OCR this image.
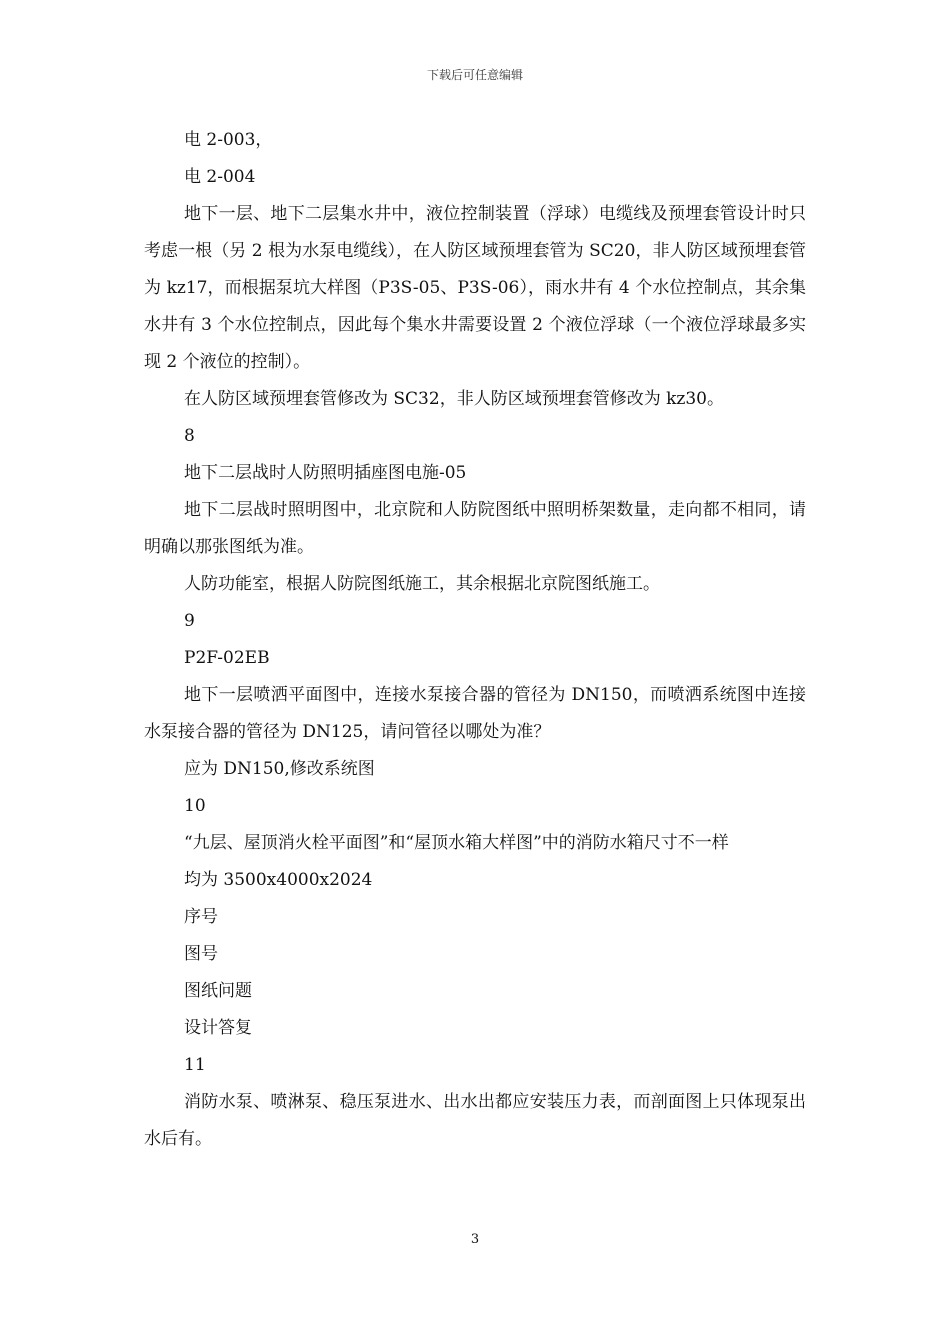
下载后可任意编辑

电 2-003，

电 2-004

地下一层、地下二层集水井中，液位控制装置（浮球）电缆线及预埋套管设计时只考虑一根（另 2 根为水泵电缆线），在人防区域预埋套管为 SC20，非人防区域预埋套管为 kz17，而根据泵坑大样图（P3S-05、P3S-06），雨水井有 4 个水位控制点，其余集水井有 3 个水位控制点，因此每个集水井需要设置 2 个液位浮球（一个液位浮球最多实现 2 个液位的控制）。

在人防区域预埋套管修改为 SC32，非人防区域预埋套管修改为 kz30。

8

地下二层战时人防照明插座图电施-05

地下二层战时照明图中，北京院和人防院图纸中照明桥架数量，走向都不相同，请明确以那张图纸为准。

人防功能室，根据人防院图纸施工，其余根据北京院图纸施工。

9

P2F-02EB

地下一层喷洒平面图中，连接水泵接合器的管径为 DN150，而喷洒系统图中连接水泵接合器的管径为 DN125，请问管径以哪处为准？

应为 DN150,修改系统图

10

“九层、屋顶消火栓平面图”和“屋顶水箱大样图”中的消防水箱尺寸不一样

均为 3500x4000x2024

序号

图号

图纸问题

设计答复

11

消防水泵、喷淋泵、稳压泵进水、出水出都应安装压力表，而剖面图上只体现泵出水后有。

3
